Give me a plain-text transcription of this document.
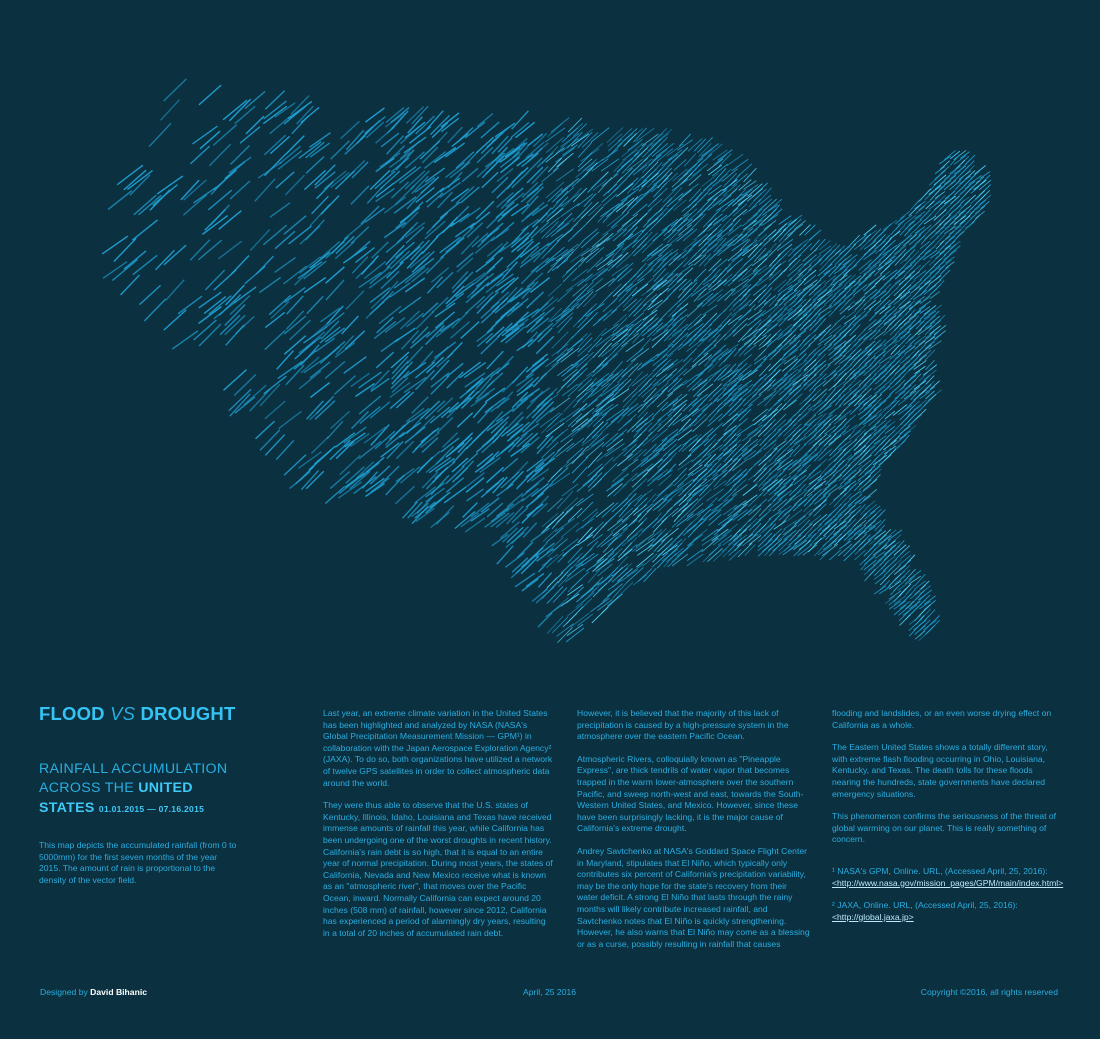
FLOOD VS DROUGHT
RAINFALL ACCUMULATION
ACROSS THE UNITED
STATES 01.01.2015 — 07.16.2015
This map depicts the accumulated rainfall (from 0 to 5000mm) for the first seven months of the year 2015. The amount of rain is proportional to the density of the vector field.

Last year, an extreme climate variation in the United States has been highlighted and analyzed by NASA (NASA's Global Precipitation Measurement Mission — GPM¹) in collaboration with the Japan Aerospace Exploration Agency² (JAXA). To do so, both organizations have utilized a network of twelve GPS satellites in order to collect atmospheric data around the world.

They were thus able to observe that the U.S. states of Kentucky, Illinois, Idaho, Louisiana and Texas have received immense amounts of rainfall this year, while California has been undergoing one of the worst droughts in recent history. California's rain debt is so high, that it is equal to an entire year of normal precipitation. During most years, the states of California, Nevada and New Mexico receive what is known as an "atmospheric river", that moves over the Pacific Ocean, inward. Normally California can expect around 20 inches (508 mm) of rainfall, however since 2012, California has experienced a period of alarmingly dry years, resulting in a total of 20 inches of accumulated rain debt.

However, it is believed that the majority of this lack of precipitation is caused by a high-pressure system in the atmosphere over the eastern Pacific Ocean.

Atmospheric Rivers, colloquially known as "Pineapple Express", are thick tendrils of water vapor that becomes trapped in the warm lower-atmosphere over the southern Pacific, and sweep north-west and east, towards the South-Western United States, and Mexico. However, since these have been surprisingly lacking, it is the major cause of California's extreme drought.

Andrey Savtchenko at NASA's Goddard Space Flight Center in Maryland, stipulates that El Niño, which typically only contributes six percent of California's precipitation variability, may be the only hope for the state's recovery from their water deficit. A strong El Niño that lasts through the rainy months will likely contribute increased rainfall, and Savtchenko notes that El Niño is quickly strengthening. However, he also warns that El Niño may come as a blessing or as a curse, possibly resulting in rainfall that causes

flooding and landslides, or an even worse drying effect on California as a whole.

The Eastern United States shows a totally different story, with extreme flash flooding occurring in Ohio, Louisiana, Kentucky, and Texas. The death tolls for these floods nearing the hundreds, state governments have declared emergency situations.

This phenomenon confirms the seriousness of the threat of global warming on our planet. This is really something of concern.

¹ NASA's GPM, Online. URL, (Accessed April, 25, 2016):
<http://www.nasa.gov/mission_pages/GPM/main/index.html>

² JAXA, Online. URL, (Accessed April, 25, 2016):
<http://global.jaxa.jp>

Designed by David Bihanic	April, 25 2016	Copyright ©2016, all rights reserved
